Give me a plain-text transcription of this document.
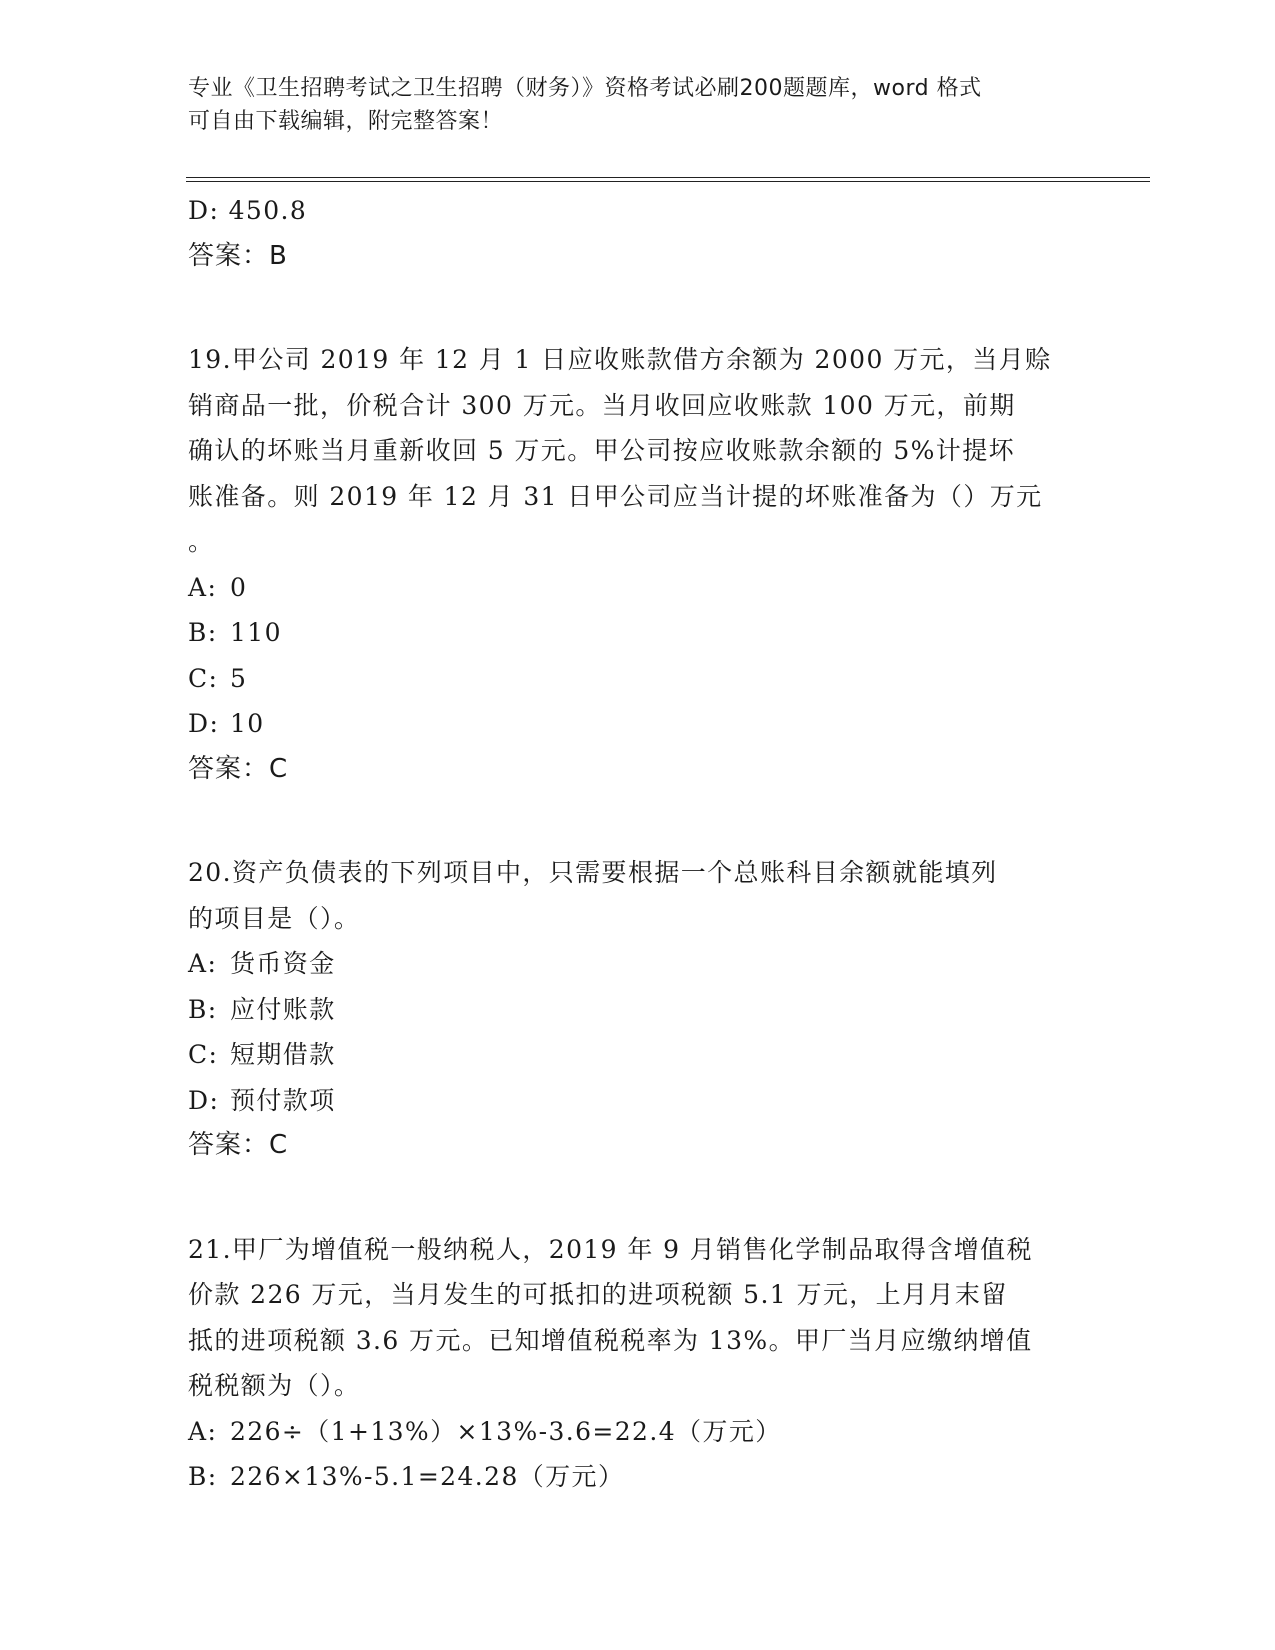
专业《卫生招聘考试之卫生招聘（财务）》资格考试必刷200题题库，word 格式
可自由下载编辑，附完整答案！
D: 450.8
答案：B
19.甲公司 2019 年 12 月 1 日应收账款借方余额为 2000 万元，当月赊
销商品一批，价税合计 300 万元。当月收回应收账款 100 万元，前期
确认的坏账当月重新收回 5 万元。甲公司按应收账款余额的 5%计提坏
账准备。则 2019 年 12 月 31 日甲公司应当计提的坏账准备为（）万元
。
A: 0
B: 110
C: 5
D: 10
答案：C
20.资产负债表的下列项目中，只需要根据一个总账科目余额就能填列
的项目是（）。
A: 货币资金
B: 应付账款
C: 短期借款
D: 预付款项
答案：C
21.甲厂为增值税一般纳税人，2019 年 9 月销售化学制品取得含增值税
价款 226 万元，当月发生的可抵扣的进项税额 5.1 万元，上月月末留
抵的进项税额 3.6 万元。已知增值税税率为 13%。甲厂当月应缴纳增值
税税额为（）。
A: 226÷（1+13%）×13%-3.6=22.4（万元）
B: 226×13%-5.1=24.28（万元）
